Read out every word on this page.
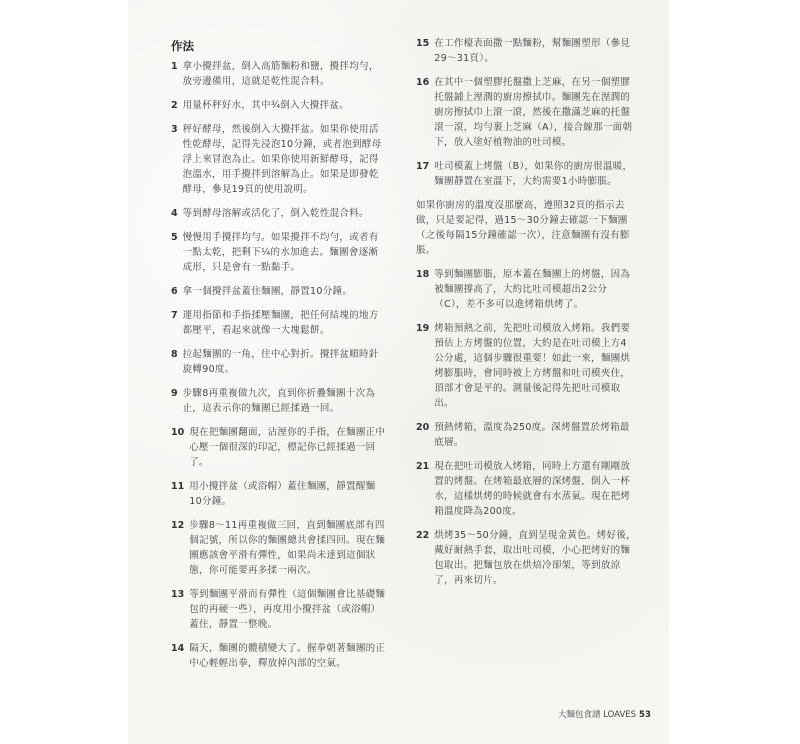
作法
1 拿小攪拌盆，倒入高筋麵粉和鹽，攪拌均勻，放旁邊備用，這就是乾性混合料。
2 用量杯秤好水，其中¾倒入大攪拌盆。
3 秤好酵母，然後倒入大攪拌盆。如果你使用活性乾酵母，記得先浸泡10分鐘，或者泡到酵母浮上來冒泡為止。如果你使用新鮮酵母，記得泡溫水，用手攪拌到溶解為止。如果是即發乾酵母，參見19頁的使用說明。
4 等到酵母溶解或活化了，倒入乾性混合料。
5 慢慢用手攪拌均勻。如果攪拌不均勻，或者有一點太乾，把剩下¼的水加進去。麵團會逐漸成形，只是會有一點黏手。
6 拿一個攪拌盆蓋住麵團，靜置10分鐘。
7 運用指節和手指揉壓麵團，把任何結塊的地方都壓平，看起來就像一大塊鬆餅。
8 拉起麵團的一角，往中心對折。攪拌盆順時針旋轉90度。
9 步驟8再重複做九次，直到你折疊麵團十次為止，這表示你的麵團已經揉過一回。
10 現在把麵團翻面，沾溼你的手指，在麵團正中心壓一個很深的印記，標記你已經揉過一回了。
11 用小攪拌盆（或浴帽）蓋住麵團，靜置醒麵10分鐘。
12 步驟8～11再重複做三回，直到麵團底部有四個記號，所以你的麵團總共會揉四回。現在麵團應該會平滑有彈性，如果尚未達到這個狀態，你可能要再多揉一兩次。
13 等到麵團平滑而有彈性（這個麵團會比基礎麵包的再硬一些），再度用小攪拌盆（或浴帽）蓋住，靜置一整晚。
14 隔天，麵團的體積變大了。握拳朝著麵團的正中心輕輕出拳，釋放掉內部的空氣。
15 在工作檯表面撒一點麵粉，幫麵團塑形（參見29～31頁）。
16 在其中一個塑膠托盤撒上芝麻，在另一個塑膠托盤鋪上溼潤的廚房擦拭巾。麵團先在溼潤的廚房擦拭巾上滾一滾，然後在撒滿芝麻的托盤滾一滾，均勻裹上芝麻（A），接合線那一面朝下，放入塗好植物油的吐司模。
17 吐司模蓋上烤盤（B），如果你的廚房很溫暖，麵團靜置在室溫下，大約需要1小時膨脹。
如果你廚房的溫度沒那麼高，遵照32頁的指示去做，只是要記得，過15～30分鐘去確認一下麵團（之後每隔15分鐘確認一次），注意麵團有沒有膨脹。
18 等到麵團膨脹，原本蓋在麵團上的烤盤，因為被麵團撐高了，大約比吐司模超出2公分（C），差不多可以進烤箱烘烤了。
19 烤箱預熱之前，先把吐司模放入烤箱。我們要預估上方烤盤的位置，大約是在吐司模上方4公分處，這個步驟很重要！如此一來，麵團烘烤膨脹時，會同時被上方烤盤和吐司模夾住，頂部才會是平的。測量後記得先把吐司模取出。
20 預熱烤箱，溫度為250度。深烤盤置於烤箱最底層。
21 現在把吐司模放入烤箱，同時上方還有剛剛放置的烤盤。在烤箱最底層的深烤盤，倒入一杯水，這樣烘烤的時候就會有水蒸氣。現在把烤箱溫度降為200度。
22 烘烤35～50分鐘，直到呈現金黃色。烤好後，戴好耐熱手套，取出吐司模，小心把烤好的麵包取出。把麵包放在烘焙冷卻架，等到放涼了，再來切片。
大麵包食譜 LOAVES 53
